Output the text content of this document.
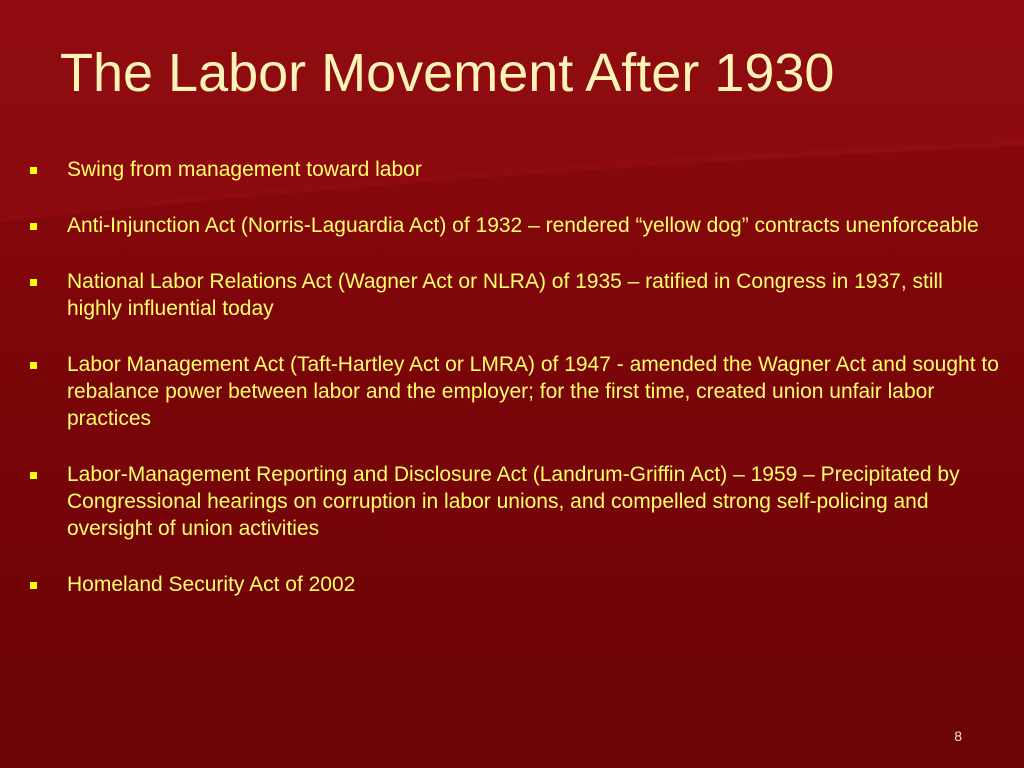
The Labor Movement After 1930
Swing from management toward labor
Anti-Injunction Act (Norris-Laguardia Act) of 1932 – rendered “yellow dog” contracts unenforceable
National Labor Relations Act (Wagner Act or NLRA) of 1935 – ratified in Congress in 1937, still highly influential today
Labor Management Act (Taft-Hartley Act or LMRA) of 1947 - amended the Wagner Act and sought to rebalance power between labor and the employer; for the first time, created union unfair labor practices
Labor-Management Reporting and Disclosure Act (Landrum-Griffin Act) – 1959 – Precipitated by Congressional hearings on corruption in labor unions, and compelled strong self-policing and oversight of union activities
Homeland Security Act of 2002
8
